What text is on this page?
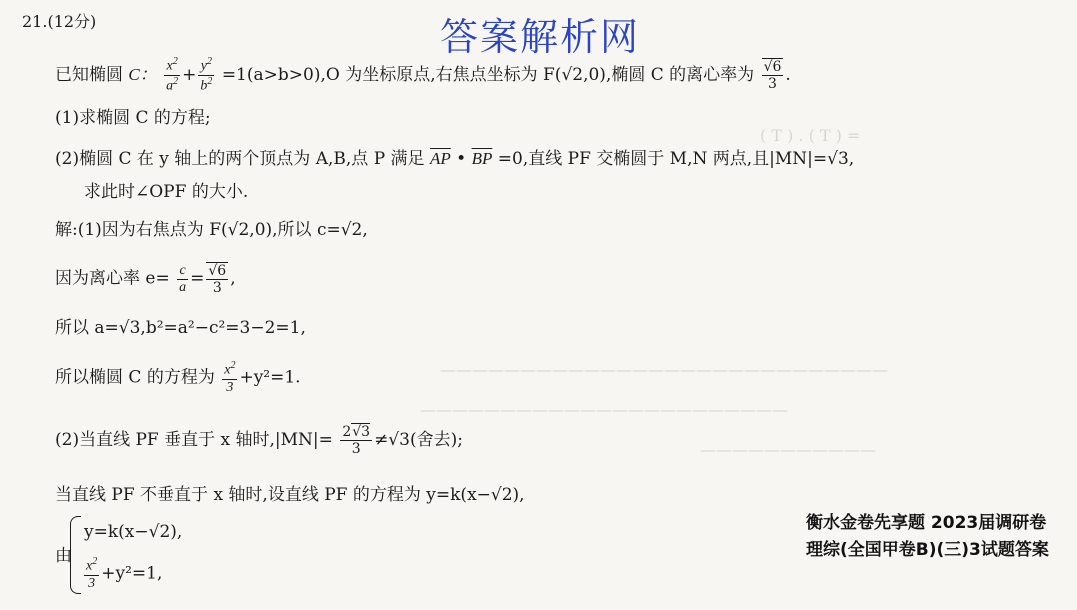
( T ) . ( T ) =
————————————————————————————
———————————————————————
———————————
答案解析网
21.(12分)
已知椭圆 C： $\frac{x^2}{a^2} + \frac{y^2}{b^2} =1(a>b>0),O$ 为坐标原点,右焦点坐标为 F(√2,0),椭圆 C 的离心率为 $\frac{√6}{3}$ .
(1)求椭圆 C 的方程;
(2)椭圆 C 在 y 轴上的两个顶点为 A,B,点 P 满足 $\overline{AP}$ • $\overline{BP} =0$,直线 PF 交椭圆于 M,N 两点,且|MN|=√3,
求此时∠OPF 的大小.
解:(1)因为右焦点为 F(√2,0),所以 c=√2,
因为离心率 $e= \frac{c}{a} = \frac{√6}{3}$ ,
所以 a=√3,b²=a²−c²=3−2=1,
所以椭圆 C 的方程为 $\frac{x^2}{3} +y^2=1$.
(2)当直线 PF 垂直于 x 轴时$,|MN|= \frac{2√3}{3} \ne√3$(舍去);
当直线 PF 不垂直于 x 轴时,设直线 PF 的方程为 y=k(x−√2),
由
y=k(x−√2),
$\frac{x^2}{3} +y^2=1$,
衡水金卷先享题 2023届调研卷 理综(全国甲卷B)(三)3试题答案
